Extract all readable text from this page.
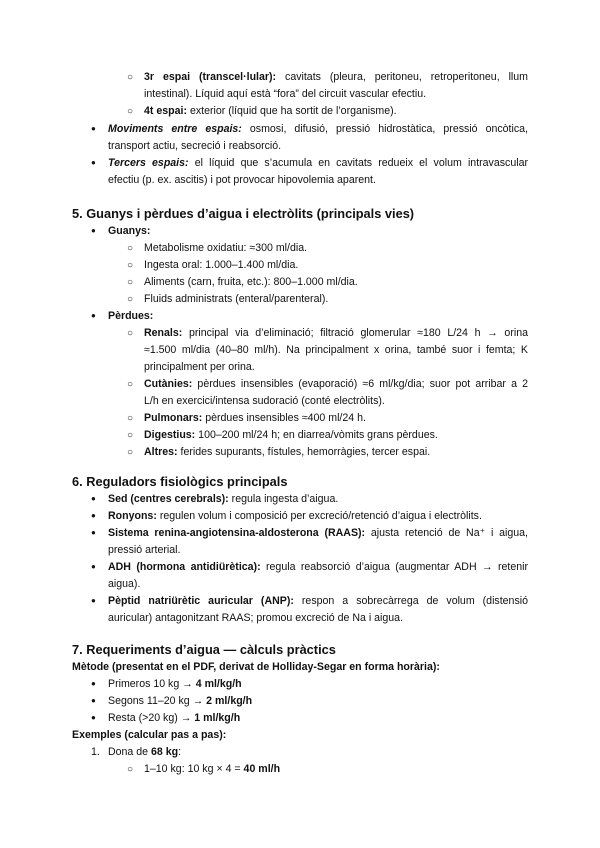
○
3r espai (transcel·lular): cavitats (pleura, peritoneu, retroperitoneu, llum
intestinal). Líquid aquí està “fora” del circuit vascular efectiu.
○
4t espai: exterior (líquid que ha sortit de l’organisme).
●
Moviments entre espais: osmosi, difusió, pressió hidrostàtica, pressió oncòtica,
transport actiu, secreció i reabsorció.
●
Tercers espais: el líquid que s’acumula en cavitats redueix el volum intravascular
efectiu (p. ex. ascitis) i pot provocar hipovolemia aparent.
5. Guanys i pèrdues d’aigua i electròlits (principals vies)
●
Guanys:
○
Metabolisme oxidatiu: ≈300 ml/dia.
○
Ingesta oral: 1.000–1.400 ml/dia.
○
Aliments (carn, fruita, etc.): 800–1.000 ml/dia.
○
Fluids administrats (enteral/parenteral).
●
Pèrdues:
○
Renals: principal via d’eliminació; filtració glomerular ≈180 L/24 h → orina
≈1.500 ml/dia (40–80 ml/h). Na principalment x orina, també suor i femta; K
principalment per orina.
○
Cutànies: pèrdues insensibles (evaporació) ≈6 ml/kg/dia; suor pot arribar a 2
L/h en exercici/intensa sudoració (conté electròlits).
○
Pulmonars: pèrdues insensibles ≈400 ml/24 h.
○
Digestius: 100–200 ml/24 h; en diarrea/vòmits grans pèrdues.
○
Altres: ferides supurants, fístules, hemorràgies, tercer espai.
6. Reguladors fisiològics principals
●
Sed (centres cerebrals): regula ingesta d’aigua.
●
Ronyons: regulen volum i composició per excreció/retenció d’aigua i electròlits.
●
Sistema renina-angiotensina-aldosterona (RAAS): ajusta retenció de Na⁺ i aigua,
pressió arterial.
●
ADH (hormona antidiürètica): regula reabsorció d’aigua (augmentar ADH → retenir
aigua).
●
Pèptid natriürètic auricular (ANP): respon a sobrecàrrega de volum (distensió
auricular) antagonitzant RAAS; promou excreció de Na i aigua.
7. Requeriments d’aigua — càlculs pràctics
Mètode (presentat en el PDF, derivat de Holliday-Segar en forma horària):
●
Primeros 10 kg → 4 ml/kg/h
●
Segons 11–20 kg → 2 ml/kg/h
●
Resta (>20 kg) → 1 ml/kg/h
Exemples (calcular pas a pas):
1. Dona de 68 kg:
○
1–10 kg: 10 kg × 4 = 40 ml/h
